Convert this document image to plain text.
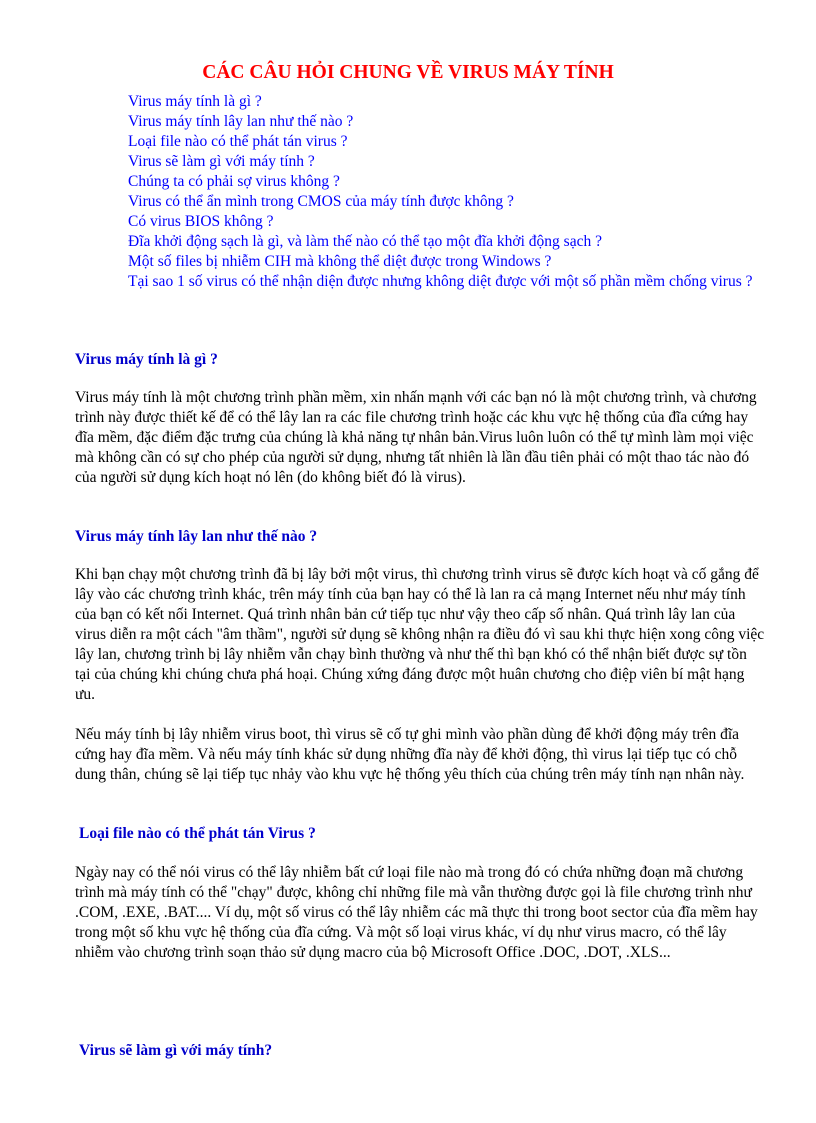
CÁC CÂU HỎI CHUNG VỀ VIRUS MÁY TÍNH
Virus máy tính là gì ?
Virus máy tính lây lan như thế nào ?
Loại file nào có thể phát tán virus ?
Virus sẽ làm gì với máy tính ?
Chúng ta có phải sợ virus không ?
Virus có thể ẩn mình trong CMOS của máy tính được không ?
Có virus BIOS không ?
Đĩa khởi động sạch là gì, và làm thế nào có thể tạo một đĩa khởi động sạch ?
Một số files bị nhiễm CIH mà không thể diệt được trong Windows ?
Tại sao 1 số virus có thể nhận diện được nhưng không diệt được với một số phần mềm chống virus ?
Virus máy tính là gì ?

Virus máy tính là một chương trình phần mềm, xin nhấn mạnh với các bạn nó là một chương trình, và chương trình này được thiết kế để có thể lây lan ra các file chương trình hoặc các khu vực hệ thống của đĩa cứng hay đĩa mềm, đặc điểm đặc trưng của chúng là khả năng tự nhân bản.Virus luôn luôn có thể tự mình làm mọi việc mà không cần có sự cho phép của người sử dụng, nhưng tất nhiên là lần đầu tiên phải có một thao tác nào đó của người sử dụng kích hoạt nó lên (do không biết đó là virus).

Virus máy tính lây lan như thế nào ?

Khi bạn chạy một chương trình đã bị lây bởi một virus, thì chương trình virus sẽ được kích hoạt và cố gắng để lây vào các chương trình khác, trên máy tính của bạn hay có thể là lan ra cả mạng Internet nếu như máy tính của bạn có kết nối Internet. Quá trình nhân bản cứ tiếp tục như vậy theo cấp số nhân. Quá trình lây lan của virus diễn ra một cách "âm thầm", người sử dụng sẽ không nhận ra điều đó vì sau khi thực hiện xong công việc lây lan, chương trình bị lây nhiễm vẫn chạy bình thường và như thế thì bạn khó có thể nhận biết được sự tồn tại của chúng khi chúng chưa phá hoại. Chúng xứng đáng được một huân chương cho điệp viên bí mật hạng ưu.

Nếu máy tính bị lây nhiễm virus boot, thì virus sẽ cố tự ghi mình vào phần dùng để khởi động máy trên đĩa cứng hay đĩa mềm. Và nếu máy tính khác sử dụng những đĩa này để khởi động, thì virus lại tiếp tục có chỗ dung thân, chúng sẽ lại tiếp tục nhảy vào khu vực hệ thống yêu thích của chúng trên máy tính nạn nhân này.

Loại file nào có thể phát tán Virus ?

Ngày nay có thể nói virus có thể lây nhiễm bất cứ loại file nào mà trong đó có chứa những đoạn mã chương trình mà máy tính có thể "chạy" được, không chỉ những file mà vẫn thường được gọi là file chương trình như .COM, .EXE, .BAT.... Ví dụ, một số virus có thể lây nhiễm các mã thực thi trong boot sector của đĩa mềm hay trong một số khu vực hệ thống của đĩa cứng. Và một số loại virus khác, ví dụ như virus macro, có thể lây nhiễm vào chương trình soạn thảo sử dụng macro của bộ Microsoft Office .DOC, .DOT, .XLS...

Virus sẽ làm gì với máy tính?
